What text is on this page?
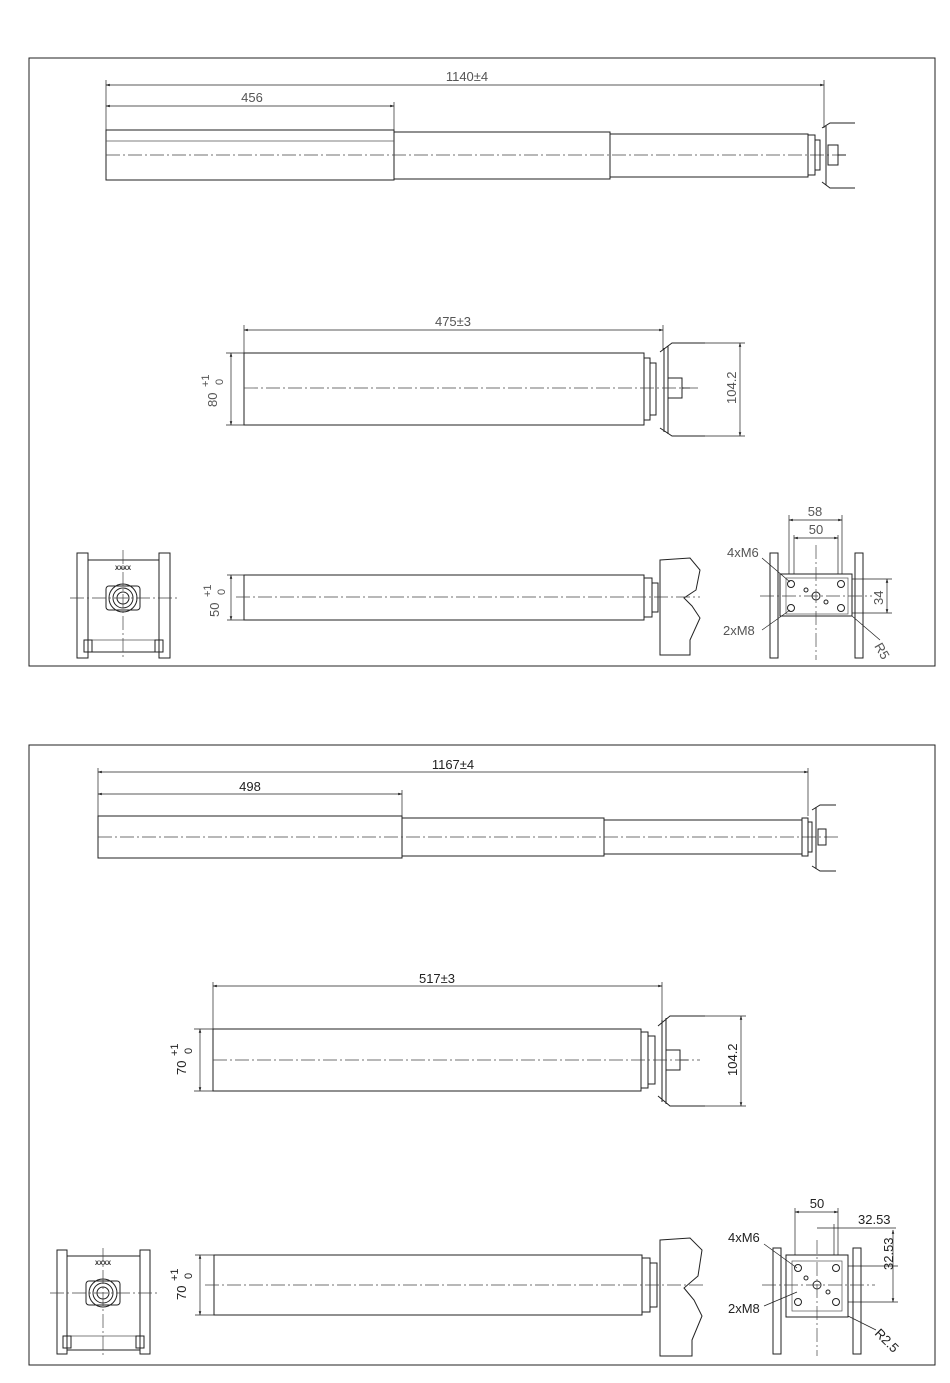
1140±4
456
475±3
80
+1 0	104.2
XXXX
50
+1 0
58
50
34
4xM6
2xM8
R5
1167±4
498
517±3
70
+1 0	104.2
XXXX
70
+1 0
50
32.53
32.53
4xM6
2xM8
R2.5
